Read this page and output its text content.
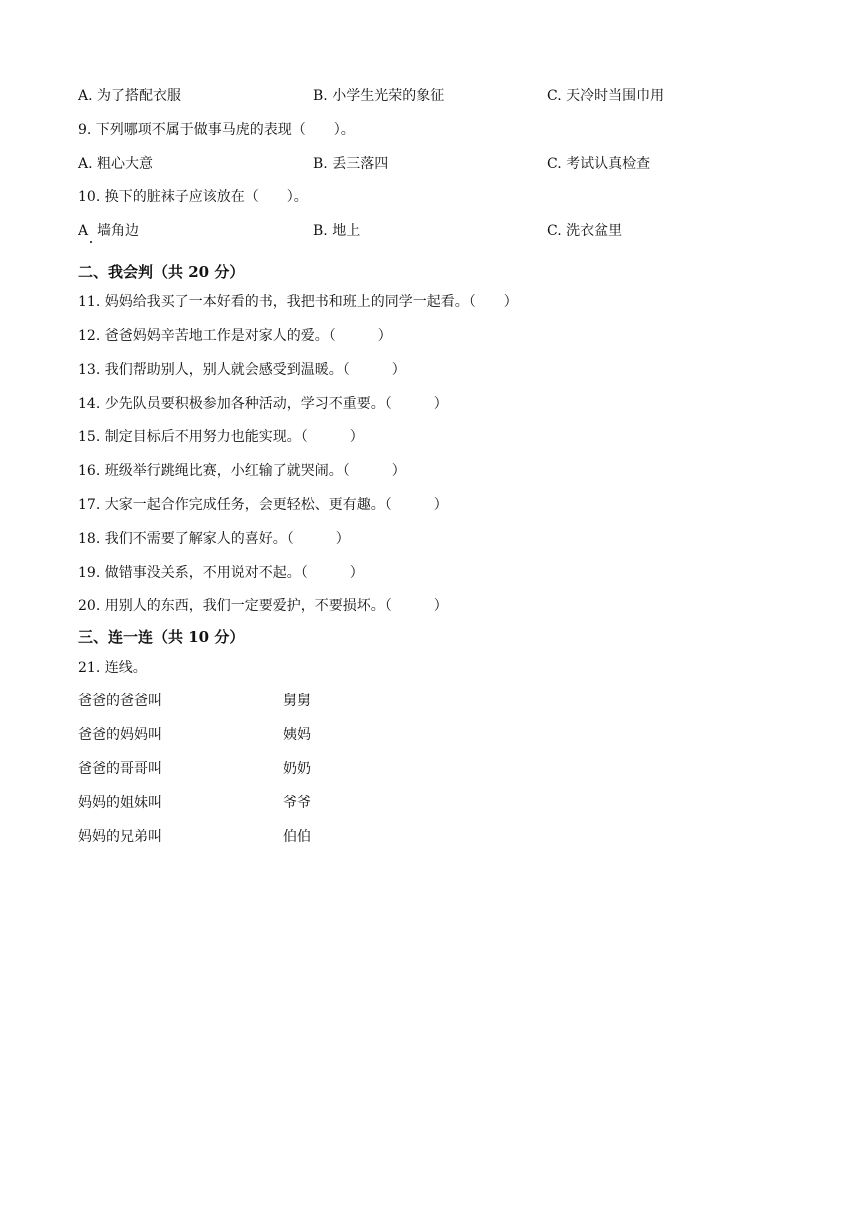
A. 为了搭配衣服	B. 小学生光荣的象征	C. 天冷时当围巾用
9. 下列哪项不属于做事马虎的表现（　　）。
A. 粗心大意	B. 丢三落四	C. 考试认真检查
10. 换下的脏袜子应该放在（　　）。
A  墙角边	B. 地上	C. 洗衣盆里
二、我会判（共 20 分）
11. 妈妈给我买了一本好看的书，我把书和班上的同学一起看。（　　）
12. 爸爸妈妈辛苦地工作是对家人的爱。（　　　）
13. 我们帮助别人，别人就会感受到温暖。（　　　）
14. 少先队员要积极参加各种活动，学习不重要。（　　　）
15. 制定目标后不用努力也能实现。（　　　）
16. 班级举行跳绳比赛，小红输了就哭闹。（　　　）
17. 大家一起合作完成任务，会更轻松、更有趣。（　　　）
18. 我们不需要了解家人的喜好。（　　　）
19. 做错事没关系，不用说对不起。（　　　）
20. 用别人的东西，我们一定要爱护，不要损坏。（　　　）
三、连一连（共 10 分）
21. 连线。
爸爸的爸爸叫	舅舅
爸爸的妈妈叫	姨妈
爸爸的哥哥叫	奶奶
妈妈的姐妹叫	爷爷
妈妈的兄弟叫	伯伯
